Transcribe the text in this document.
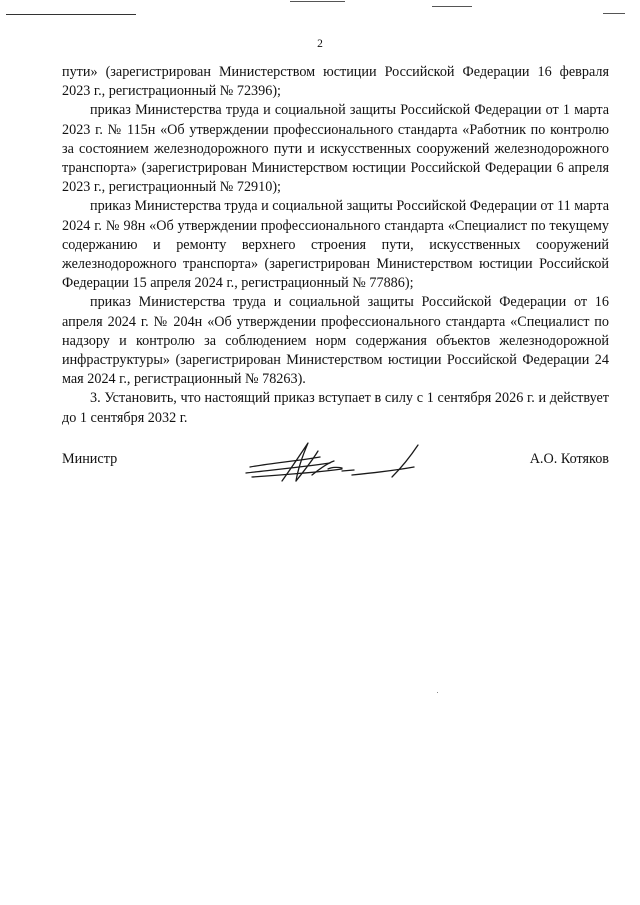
2

пути» (зарегистрирован Министерством юстиции Российской Федерации 16 февраля 2023 г., регистрационный № 72396);

приказ Министерства труда и социальной защиты Российской Федерации от 1 марта 2023 г. № 115н «Об утверждении профессионального стандарта «Работник по контролю за состоянием железнодорожного пути и искусственных сооружений железнодорожного транспорта» (зарегистрирован Министерством юстиции Российской Федерации 6 апреля 2023 г., регистрационный № 72910);

приказ Министерства труда и социальной защиты Российской Федерации от 11 марта 2024 г. № 98н «Об утверждении профессионального стандарта «Специалист по текущему содержанию и ремонту верхнего строения пути, искусственных сооружений железнодорожного транспорта» (зарегистрирован Министерством юстиции Российской Федерации 15 апреля 2024 г., регистрационный № 77886);

приказ Министерства труда и социальной защиты Российской Федерации от 16 апреля 2024 г. № 204н «Об утверждении профессионального стандарта «Специалист по надзору и контролю за соблюдением норм содержания объектов железнодорожной инфраструктуры» (зарегистрирован Министерством юстиции Российской Федерации 24 мая 2024 г., регистрационный № 78263).

3. Установить, что настоящий приказ вступает в силу с 1 сентября 2026 г. и действует до 1 сентября 2032 г.

Министр	А.О. Котяков
